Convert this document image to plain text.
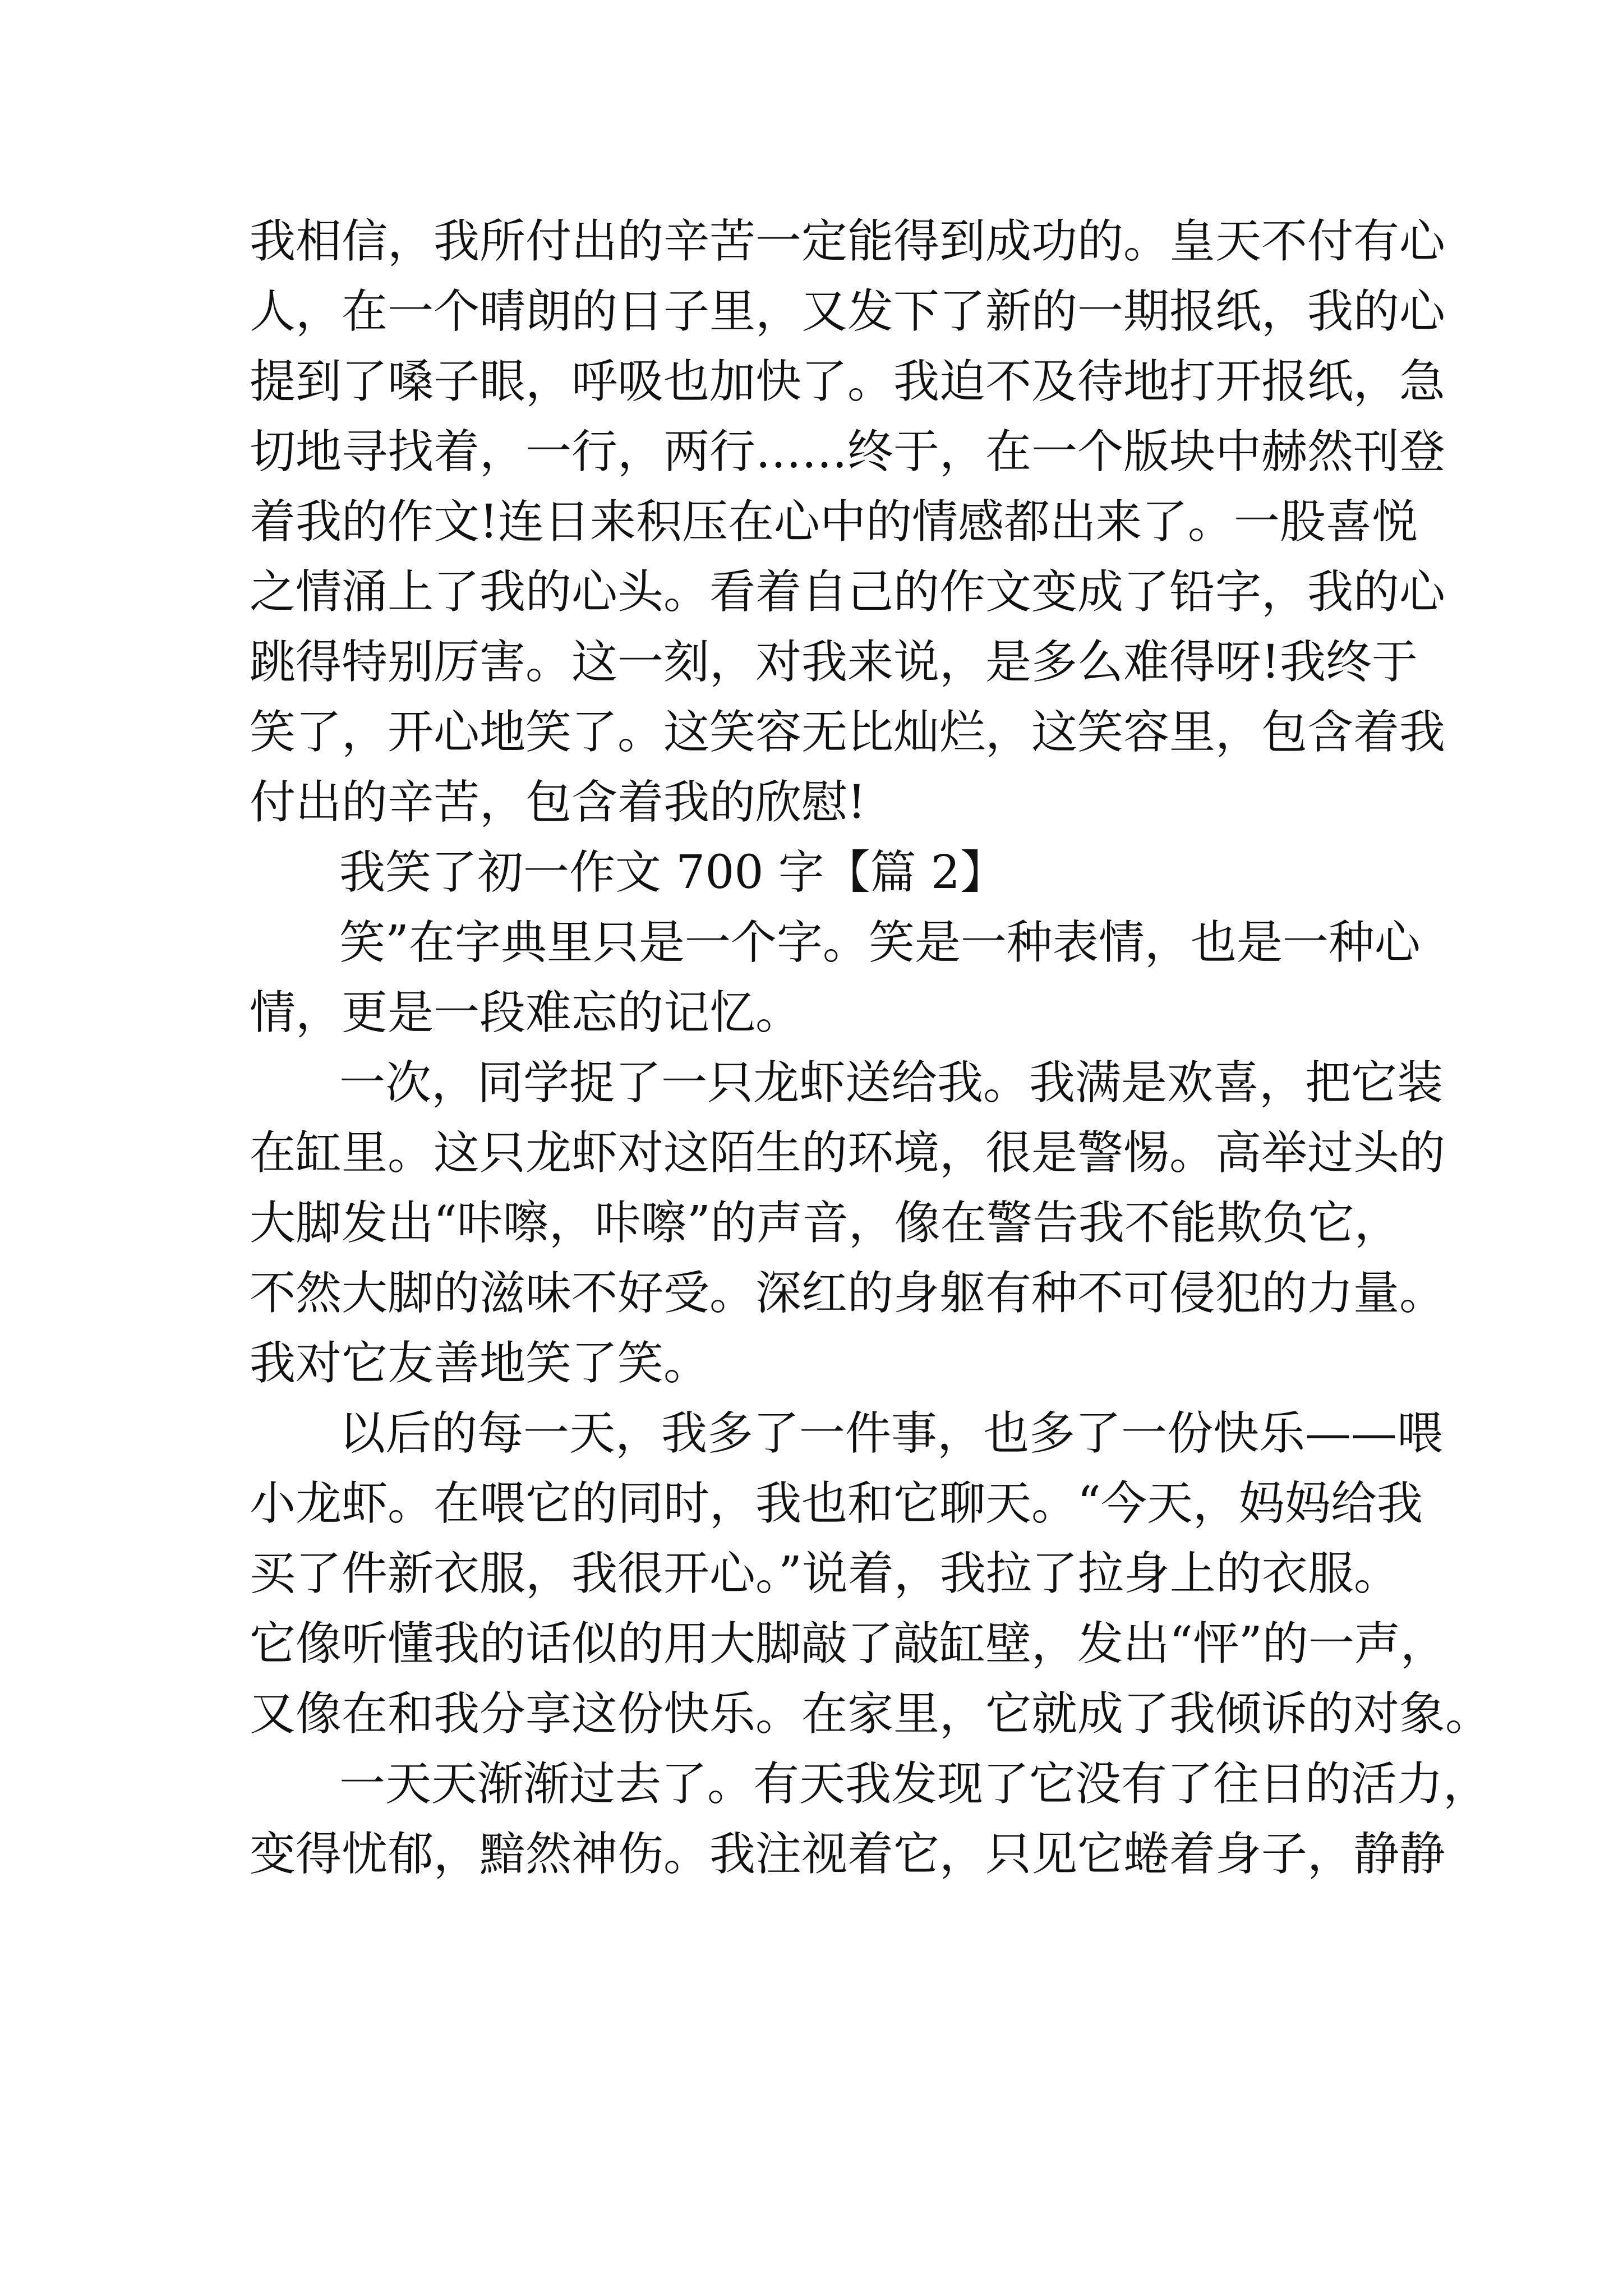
我相信，我所付出的辛苦一定能得到成功的。皇天不付有心
人，在一个晴朗的日子里，又发下了新的一期报纸，我的心
提到了嗓子眼，呼吸也加快了。我迫不及待地打开报纸，急
切地寻找着，一行，两行……终于，在一个版块中赫然刊登
着我的作文!连日来积压在心中的情感都出来了。一股喜悦
之情涌上了我的心头。看着自己的作文变成了铅字，我的心
跳得特别厉害。这一刻，对我来说，是多么难得呀!我终于
笑了，开心地笑了。这笑容无比灿烂，这笑容里，包含着我
付出的辛苦，包含着我的欣慰!
我笑了初一作文 700 字【篇 2】
笑”在字典里只是一个字。笑是一种表情，也是一种心
情，更是一段难忘的记忆。
一次，同学捉了一只龙虾送给我。我满是欢喜，把它装
在缸里。这只龙虾对这陌生的环境，很是警惕。高举过头的
大脚发出“咔嚓，咔嚓”的声音，像在警告我不能欺负它，
不然大脚的滋味不好受。深红的身躯有种不可侵犯的力量。
我对它友善地笑了笑。
以后的每一天，我多了一件事，也多了一份快乐——喂
小龙虾。在喂它的同时，我也和它聊天。“今天，妈妈给我
买了件新衣服，我很开心。”说着，我拉了拉身上的衣服。
它像听懂我的话似的用大脚敲了敲缸壁，发出“怦”的一声，
又像在和我分享这份快乐。在家里，它就成了我倾诉的对象。
一天天渐渐过去了。有天我发现了它没有了往日的活力，
变得忧郁，黯然神伤。我注视着它，只见它蜷着身子，静静
